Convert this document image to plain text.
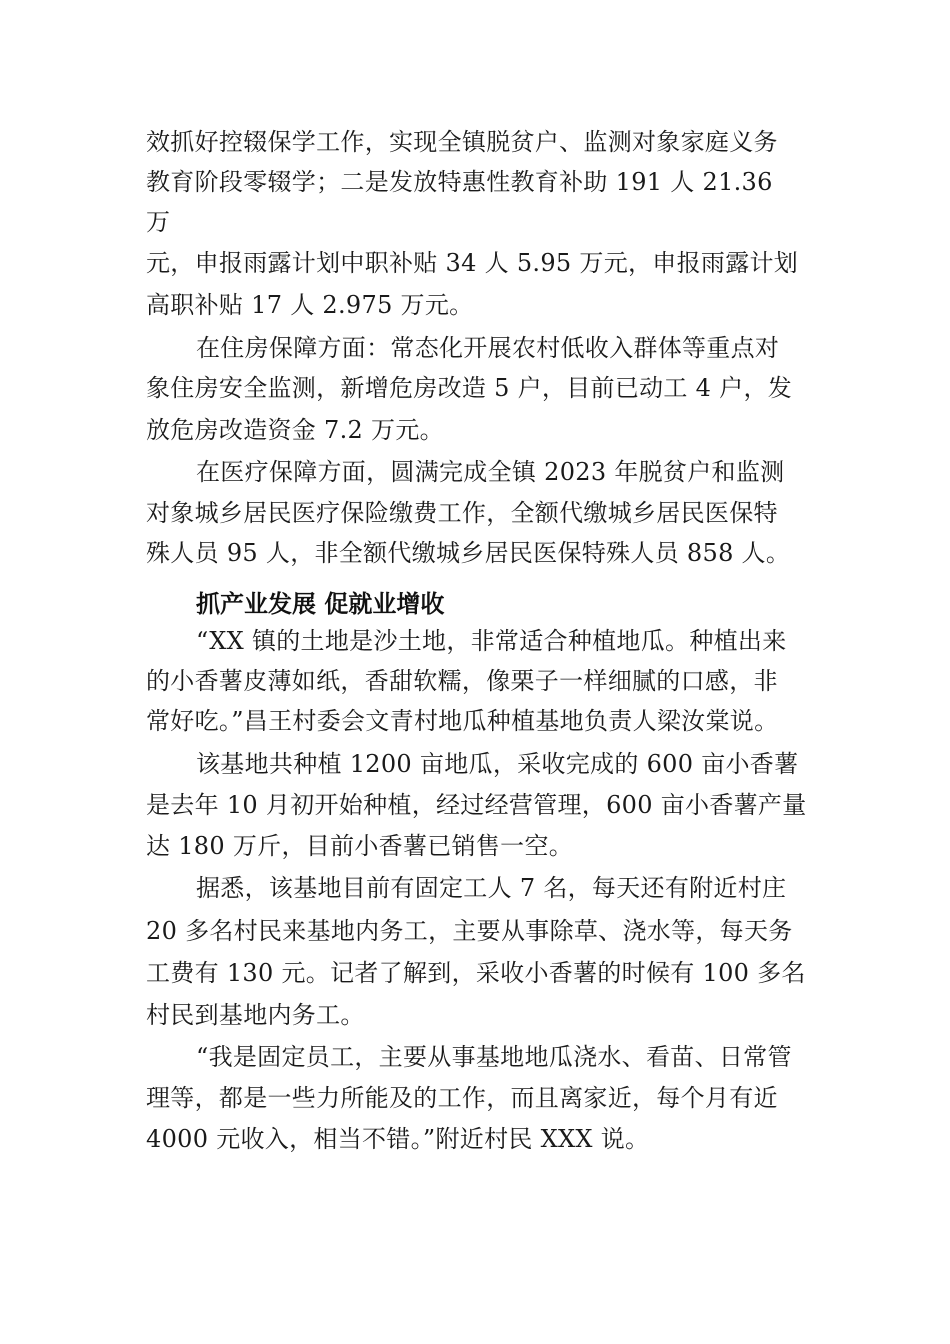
效抓好控辍保学工作，实现全镇脱贫户、监测对象家庭义务
教育阶段零辍学；二是发放特惠性教育补助 191 人 21.36
万
元，申报雨露计划中职补贴 34 人 5.95 万元，申报雨露计划
高职补贴 17 人 2.975 万元。
在住房保障方面：常态化开展农村低收入群体等重点对
象住房安全监测，新增危房改造 5 户，目前已动工 4 户，发
放危房改造资金 7.2 万元。
在医疗保障方面，圆满完成全镇 2023 年脱贫户和监测
对象城乡居民医疗保险缴费工作，全额代缴城乡居民医保特
殊人员 95 人，非全额代缴城乡居民医保特殊人员 858 人。
抓产业发展 促就业增收
“XX 镇的土地是沙土地，非常适合种植地瓜。种植出来
的小香薯皮薄如纸，香甜软糯，像栗子一样细腻的口感，非
常好吃。”昌王村委会文青村地瓜种植基地负责人梁汝棠说。
该基地共种植 1200 亩地瓜，采收完成的 600 亩小香薯
是去年 10 月初开始种植，经过经营管理，600 亩小香薯产量
达 180 万斤，目前小香薯已销售一空。
据悉，该基地目前有固定工人 7 名，每天还有附近村庄
20 多名村民来基地内务工，主要从事除草、浇水等，每天务
工费有 130 元。记者了解到，采收小香薯的时候有 100 多名
村民到基地内务工。
“我是固定员工，主要从事基地地瓜浇水、看苗、日常管
理等，都是一些力所能及的工作，而且离家近，每个月有近
4000 元收入，相当不错。”附近村民 XXX 说。
